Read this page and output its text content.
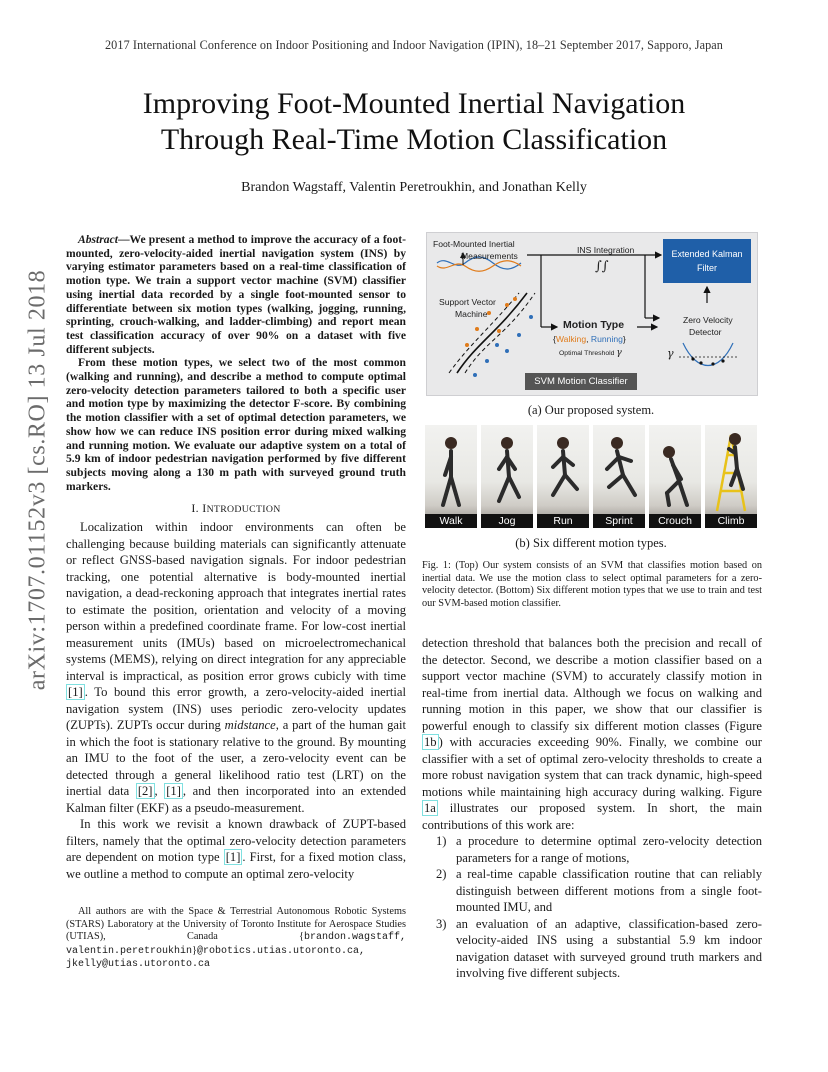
2017 International Conference on Indoor Positioning and Indoor Navigation (IPIN), 18–21 September 2017, Sapporo, Japan
Improving Foot-Mounted Inertial Navigation
Through Real-Time Motion Classification
Brandon Wagstaff, Valentin Peretroukhin, and Jonathan Kelly
arXiv:1707.01152v3 [cs.RO] 13 Jul 2018

Abstract—We present a method to improve the accuracy of a foot-mounted, zero-velocity-aided inertial navigation system (INS) by varying estimator parameters based on a real-time classification of motion type. We train a support vector machine (SVM) classifier using inertial data recorded by a single foot-mounted sensor to differentiate between six motion types (walking, jogging, running, sprinting, crouch-walking, and ladder-climbing) and report mean test classification accuracy of over 90% on a dataset with five different subjects.

From these motion types, we select two of the most common (walking and running), and describe a method to compute optimal zero-velocity detection parameters tailored to both a specific user and motion type by maximizing the detector F-score. By combining the motion classifier with a set of optimal detection parameters, we show how we can reduce INS position error during mixed walking and running motion. We evaluate our adaptive system on a total of 5.9 km of indoor pedestrian navigation performed by five different subjects moving along a 130 m path with surveyed ground truth markers.

I. INTRODUCTION

Localization within indoor environments can often be challenging because building materials can significantly attenuate or reflect GNSS-based navigation signals. For indoor pedestrian tracking, one potential alternative is body-mounted inertial navigation, a dead-reckoning approach that integrates inertial rates to estimate the position, orientation and velocity of a moving person within a predefined coordinate frame. For low-cost inertial measurement units (IMUs) based on microelectromechanical systems (MEMS), relying on direct integration for any appreciable interval is impractical, as position error grows cubicly with time [1] . To bound this error growth, a zero-velocity-aided inertial navigation system (INS) uses periodic zero-velocity updates (ZUPTs). ZUPTs occur during midstance, a part of the human gait in which the foot is stationary relative to the ground. By mounting an IMU to the foot of the user, a zero-velocity event can be detected through a general likelihood ratio test (LRT) on the inertial data [2] , [1] , and then incorporated into an extended Kalman filter (EKF) as a pseudo-measurement.

In this work we revisit a known drawback of ZUPT-based filters, namely that the optimal zero-velocity detection parameters are dependent on motion type [1] . First, for a fixed motion class, we outline a method to compute an optimal zero-velocity

All authors are with the Space & Terrestrial Autonomous Robotic Systems (STARS) Laboratory at the University of Toronto Institute for Aerospace Studies (UTIAS), Canada {brandon.wagstaff, valentin.peretroukhin}@robotics.utias.utoronto.ca, jkelly@utias.utoronto.ca
Foot-Mounted Inertial
Measurements
INS Integration
∫∫
Extended Kalman
Filter
Support Vector
Machine
Motion Type
{Walking, Running}
Optimal Threshold γ
Zero Velocity
Detector
γ
SVM Motion Classifier
(a) Our proposed system.
Walk	Jog	Run	Sprint	Crouch	Climb
(b) Six different motion types.
Fig. 1: (Top) Our system consists of an SVM that classifies motion based on inertial data. We use the motion class to select optimal parameters for a zero-velocity detector. (Bottom) Six different motion types that we use to train and test our SVM-based motion classifier.

detection threshold that balances both the precision and recall of the detector. Second, we describe a motion classifier based on a support vector machine (SVM) to accurately classify motion in real-time from inertial data. Although we focus on walking and running motion in this paper, we show that our classifier is powerful enough to classify six different motion classes (Figure 1b ) with accuracies exceeding 90%. Finally, we combine our classifier with a set of optimal zero-velocity thresholds to create a more robust navigation system that can track dynamic, high-speed motions while maintaining high accuracy during walking. Figure 1a illustrates our proposed system. In short, the main contributions of this work are:

1) a procedure to determine optimal zero-velocity detection parameters for a range of motions,
2) a real-time capable classification routine that can reliably distinguish between different motions from a single foot-mounted IMU, and
3) an evaluation of an adaptive, classification-based zero-velocity-aided INS using a substantial 5.9 km indoor navigation dataset with surveyed ground truth markers and involving five different subjects.
